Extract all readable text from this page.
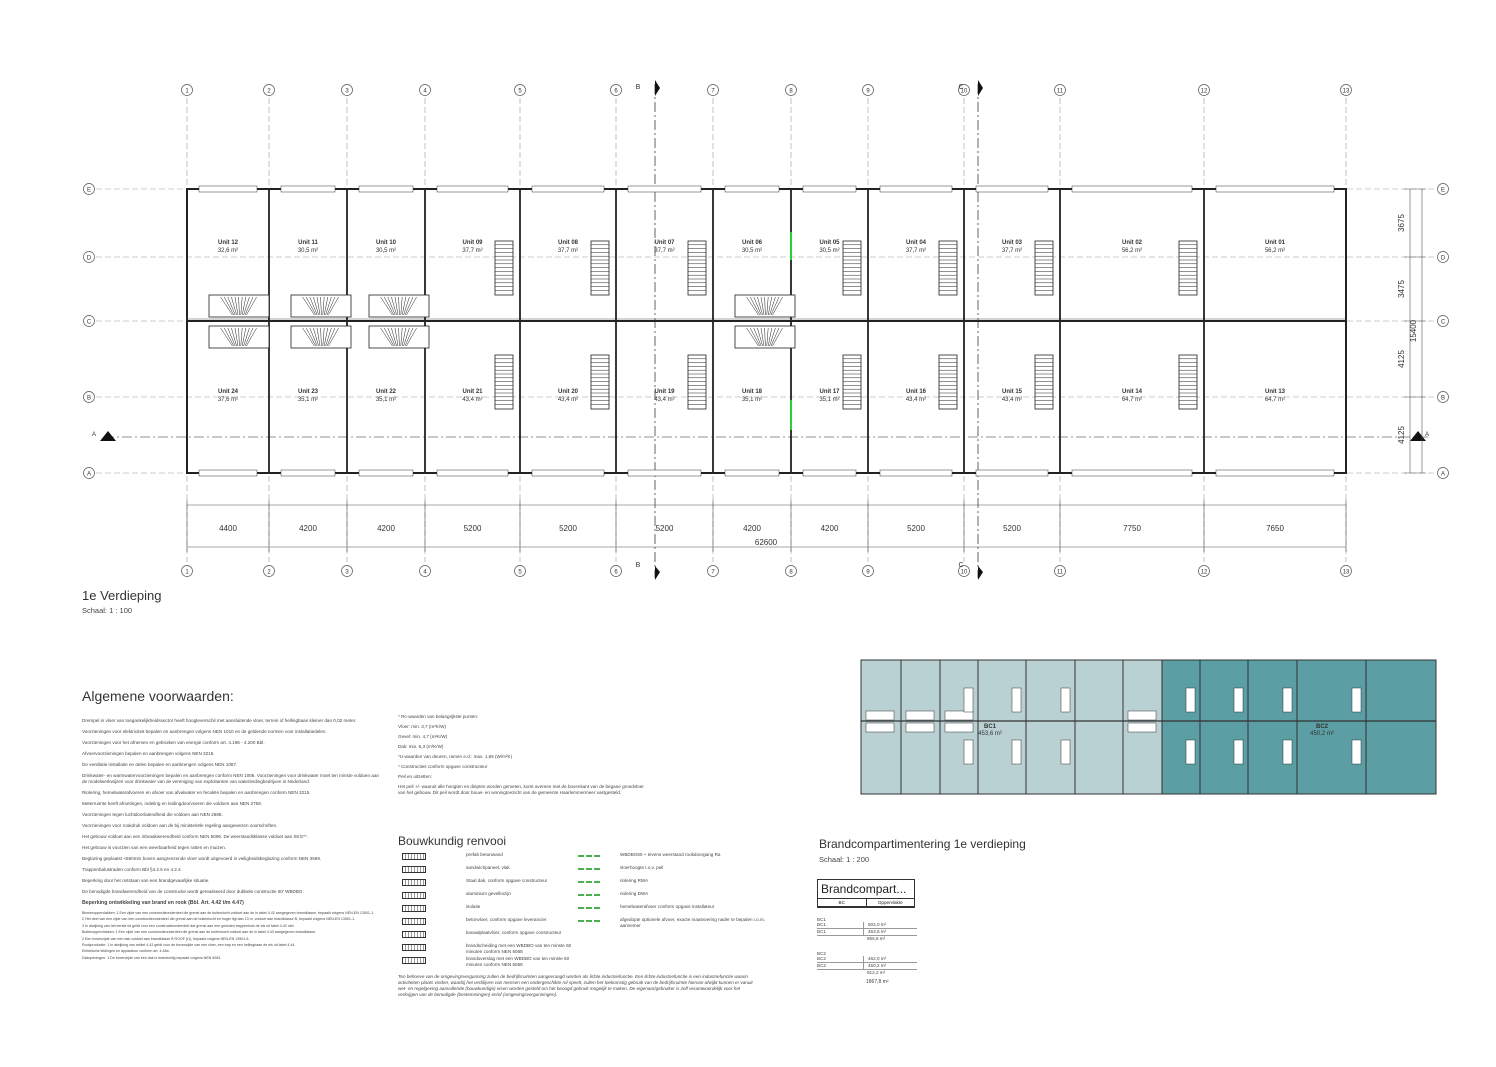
1
1
2
2
3
3
4
4
5
5
6
6
7
7
8
8
9
9
10
10
11
11
12
12
13
13
E	E
D	D
C	C
B	B
A	A
B
B
C
C
A	A
Unit 12
32,6 m²
Unit 24
37,6 m²
Unit 11
30,5 m²
Unit 23
35,1 m²
Unit 10
30,5 m²
Unit 22
35,1 m²
Unit 09
37,7 m²
Unit 21
43,4 m²
Unit 08
37,7 m²
Unit 20
43,4 m²
Unit 07
37,7 m²
Unit 19
43,4 m²
Unit 06
30,5 m²
Unit 18
35,1 m²
Unit 05
30,5 m²
Unit 17
35,1 m²
Unit 04
37,7 m²
Unit 16
43,4 m²
Unit 03
37,7 m²
Unit 15
43,4 m²
Unit 02
56,2 m²
Unit 14
64,7 m²
Unit 01
56,2 m²
Unit 13
64,7 m²
4400	4200	4200	5200	5200	5200	4200	4200	5200	5200	7750	7650
62600
3675
3475
4125
4125
15400
BC1
453,6 m²
BC2
450,2 m²
1e Verdieping
Schaal: 1 : 100
Algemene voorwaarden:

Drempel in vloer van toegankelijkheidssector heeft hoogteverschil met aansluitende vloer, terrein of hellingbaan kleiner dan 0,02 meter.

Voorzieningen voor elektriciteit bepalen en aanbrengen volgens NEN 1010 en de geldende normen voor installatiedelen.

Voorzieningen voor het afnemen en gebruiken van energie conform art. 4.196 - 4.200 Bbl.

Afvoervoorzieningen bepalen en aanbrengen volgens NEN 3215.

De ventilatie installatie en delen bepalen en aanbrengen volgens NEN 1087.

Drinkwater- en warmwatervoorzieningen bepalen en aanbrengen conform NEN 1006. Voorzieningen voor drinkwater moet ten minste voldoen aan de modelwerkwijzen voor drinkwater van de vereniging van exploitanten van waterleidingbedrijven in Nederland.

Riolering, hemelwaterafvoeren en afvoer van afvalwater en fecaliën bepalen en aanbrengen conform NEN 3215.

Meterruimte heeft afmetingen, indeling en leidingdoorvoeren die voldoen aan NEN 2768.

Voorzieningen tegen luchtdoorlatendheid die voldoen aan NEN 2686.

Voorzieningen voor rookdruk voldoen aan de bij ministeriële regeling aangewezen voorschriften.

Het gebouw voldoet aan een inbraakwerendheid conform NEN 5096. De weerstandsklasse voldoet aan SKG**.

Het gebouw is voorzien van een weerbaarheid tegen ratten en muizen.

Beglazing geplaatst <850mm boven aangrenzende vloer wordt uitgevoerd in veiligheidsbeglazing conform NEN 3569.

Trappenbalustraden conform Bbl §4.2.5 en 4.2.4

Beperking door het ontstaan van een brandgevaarlijke situatie.

De benodigde brandwerendheid van de constructie wordt gerealiseerd door dubbele constructie 60' WBDBO.

Beperking ontwikkeling van brand en rook (Bbl. Art. 4.42 t/m 4.47)

Binnenoppervlakken: 1 Een zijde van een constructieonderdeel die grenst aan de buitenlucht voldoet aan de in tabel 4.42 aangegeven brandklasse, bepaald volgens NEN-EN 13501-1.

2 Het deel van een zijde van een constructieonderdeel die grenst aan de buitenlucht en hoger ligt dan 13 m, voldoet aan brandklasse B, bepaald volgens NEN-EN 13501-1.

3 In afwijking van het eerste lid geldt voor een constructieonderdeel dat grenst aan een gesloten trappenhuis de eis uit tabel 4.42 niet.

Buitenoppervlakken: 1 Een zijde van een constructieonderdeel die grenst aan de buitenlucht voldoet aan de in tabel 4.43 aangegeven brandklasse.

2 Een bovenzijde van een dak voldoet aan brandklasse B ROOF (t1), bepaald volgens NEN-EN 13501-5.

Rookproductie: 1 In afwijking van artikel 4.43 geldt voor de bovenzijde van een vloer, een trap en een hellingbaan de eis uit tabel 4.44.

Elektrische leidingen en apparatuur conform art. 4.48a.

Dakopeningen: 1 De bovenzijde van een dak is brandveilig bepaald volgens NEN 6063.

* Rc-waarden van belangrijkste punten:

Vloer: min. 3,7 (m²K/W)

Gevel: min. 4,7 (m²K/W)

Dak: min. 6,3 (m²K/W)

*U-waarden van deuren, ramen e.d.: max. 1,65 (W/m²K)

* Constructies conform opgave constructeur

Peil en uitzetten:

Het peil +/- waaruit alle hoogten en diepten worden gemeten, komt overeen met de bovenkant van de begane grondvloer van het gebouw. Dit peil wordt door bouw- en woningtoezicht van de gemeente Haarlemmermeer vastgesteld.

Bouwkundig renvooi
prefab betonwand
sandwichpaneel, vlak
Staal dak, conform opgave constructeur
aluminium gevelkozijn
isolatie
betonvloer, conform opgave leverancier
kanaalplaatvloer, conform opgave constructeur
brandscheiding met een WBDBO van ten minste 60 minuten conform NEN 6068
brandoverslag met een WBDBO van ten minste 60 minuten conform NEN 6068
WBDBO60 + tevens weerstand rookdoorgang Ra
vloerhoogte t.o.v. peil
riolering RWA
riolering DWA
hemelwaterafvoer conform opgave installateur
afgedopte optionele afvoer, exacte maatvoering nader te bepalen i.o.m. aannemer
Ten behoeve van de omgevingsvergunning zullen de bedrijfsruimten aangevraagd worden als lichte industriefunctie. Een lichte industriefunctie is een industriefunctie waarin activiteiten plaats vinden, waarbij het verblijven van mensen een ondergeschikte rol speelt, zullen het toekomstig gebruik van de bedrijfsruimte hiervan afwijkt kunnen er vanuit wet- en regelgeving aanvullende (bouwkundige) eisen worden gesteld om het beoogd gebruik mogelijk te maken. De eigenaar/gebruiker is zelf verantwoordelijk voor het verkrijgen van de benodigde (bestemmingen) en/of (omgevingsvergunningen).
Brandcompartimentering 1e verdieping
Schaal: 1 : 200
Brandcompart...
BC	Oppervlakte
BC1
BC1	502,0 m²
BC1	453,6 m²
955,6 m²
BC2
BC2	462,0 m²
BC2	450,2 m²
912,2 m²
1867,8 m²
